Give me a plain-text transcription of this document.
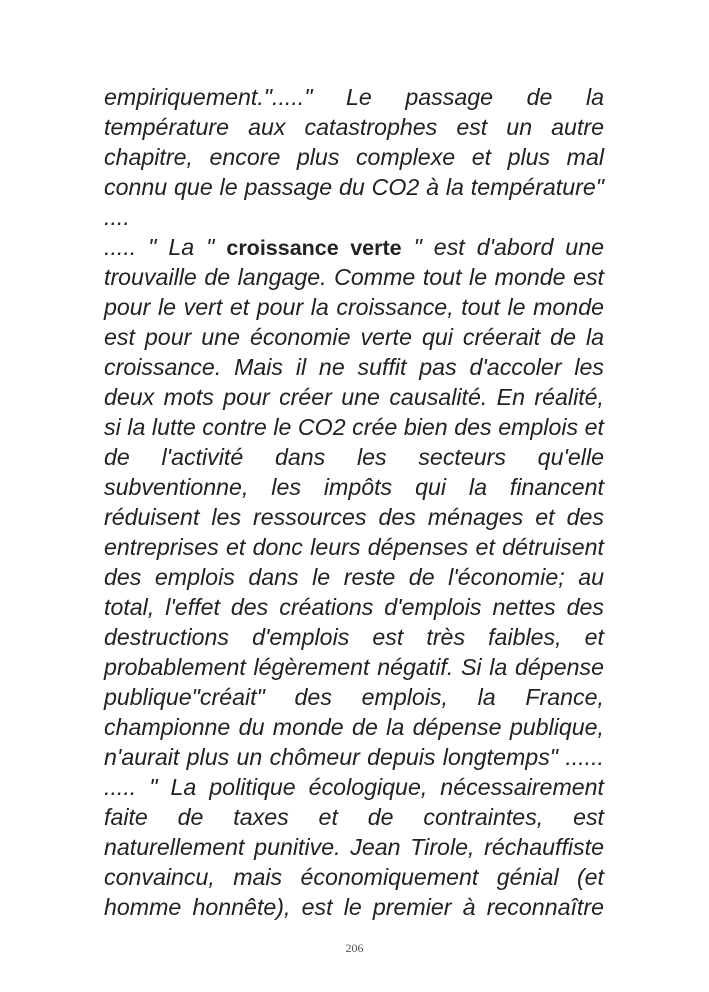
empiriquement."....." Le passage de la
température aux catastrophes est un autre
chapitre, encore plus complexe et plus mal
connu que le passage du CO2 à la température"
....
..... " La " croissance verte " est d'abord une
trouvaille de langage. Comme tout le monde est
pour le vert et pour la croissance, tout le monde
est pour une économie verte qui créerait de la
croissance. Mais il ne suffit pas d'accoler les
deux mots pour créer une causalité. En réalité,
si la lutte contre le CO2 crée bien des emplois et
de l'activité dans les secteurs qu'elle
subventionne, les impôts qui la financent
réduisent les ressources des ménages et des
entreprises et donc leurs dépenses et détruisent
des emplois dans le reste de l'économie; au
total, l'effet des créations d'emplois nettes des
destructions d'emplois est très faibles, et
probablement légèrement négatif. Si la dépense
publique"créait" des emplois, la France,
championne du monde de la dépense publique,
n'aurait plus un chômeur depuis longtemps" ......
..... " La politique écologique, nécessairement
faite de taxes et de contraintes, est
naturellement punitive. Jean Tirole, réchauffiste
convaincu, mais économiquement génial (et
homme honnête), est le premier à reconnaître
206
